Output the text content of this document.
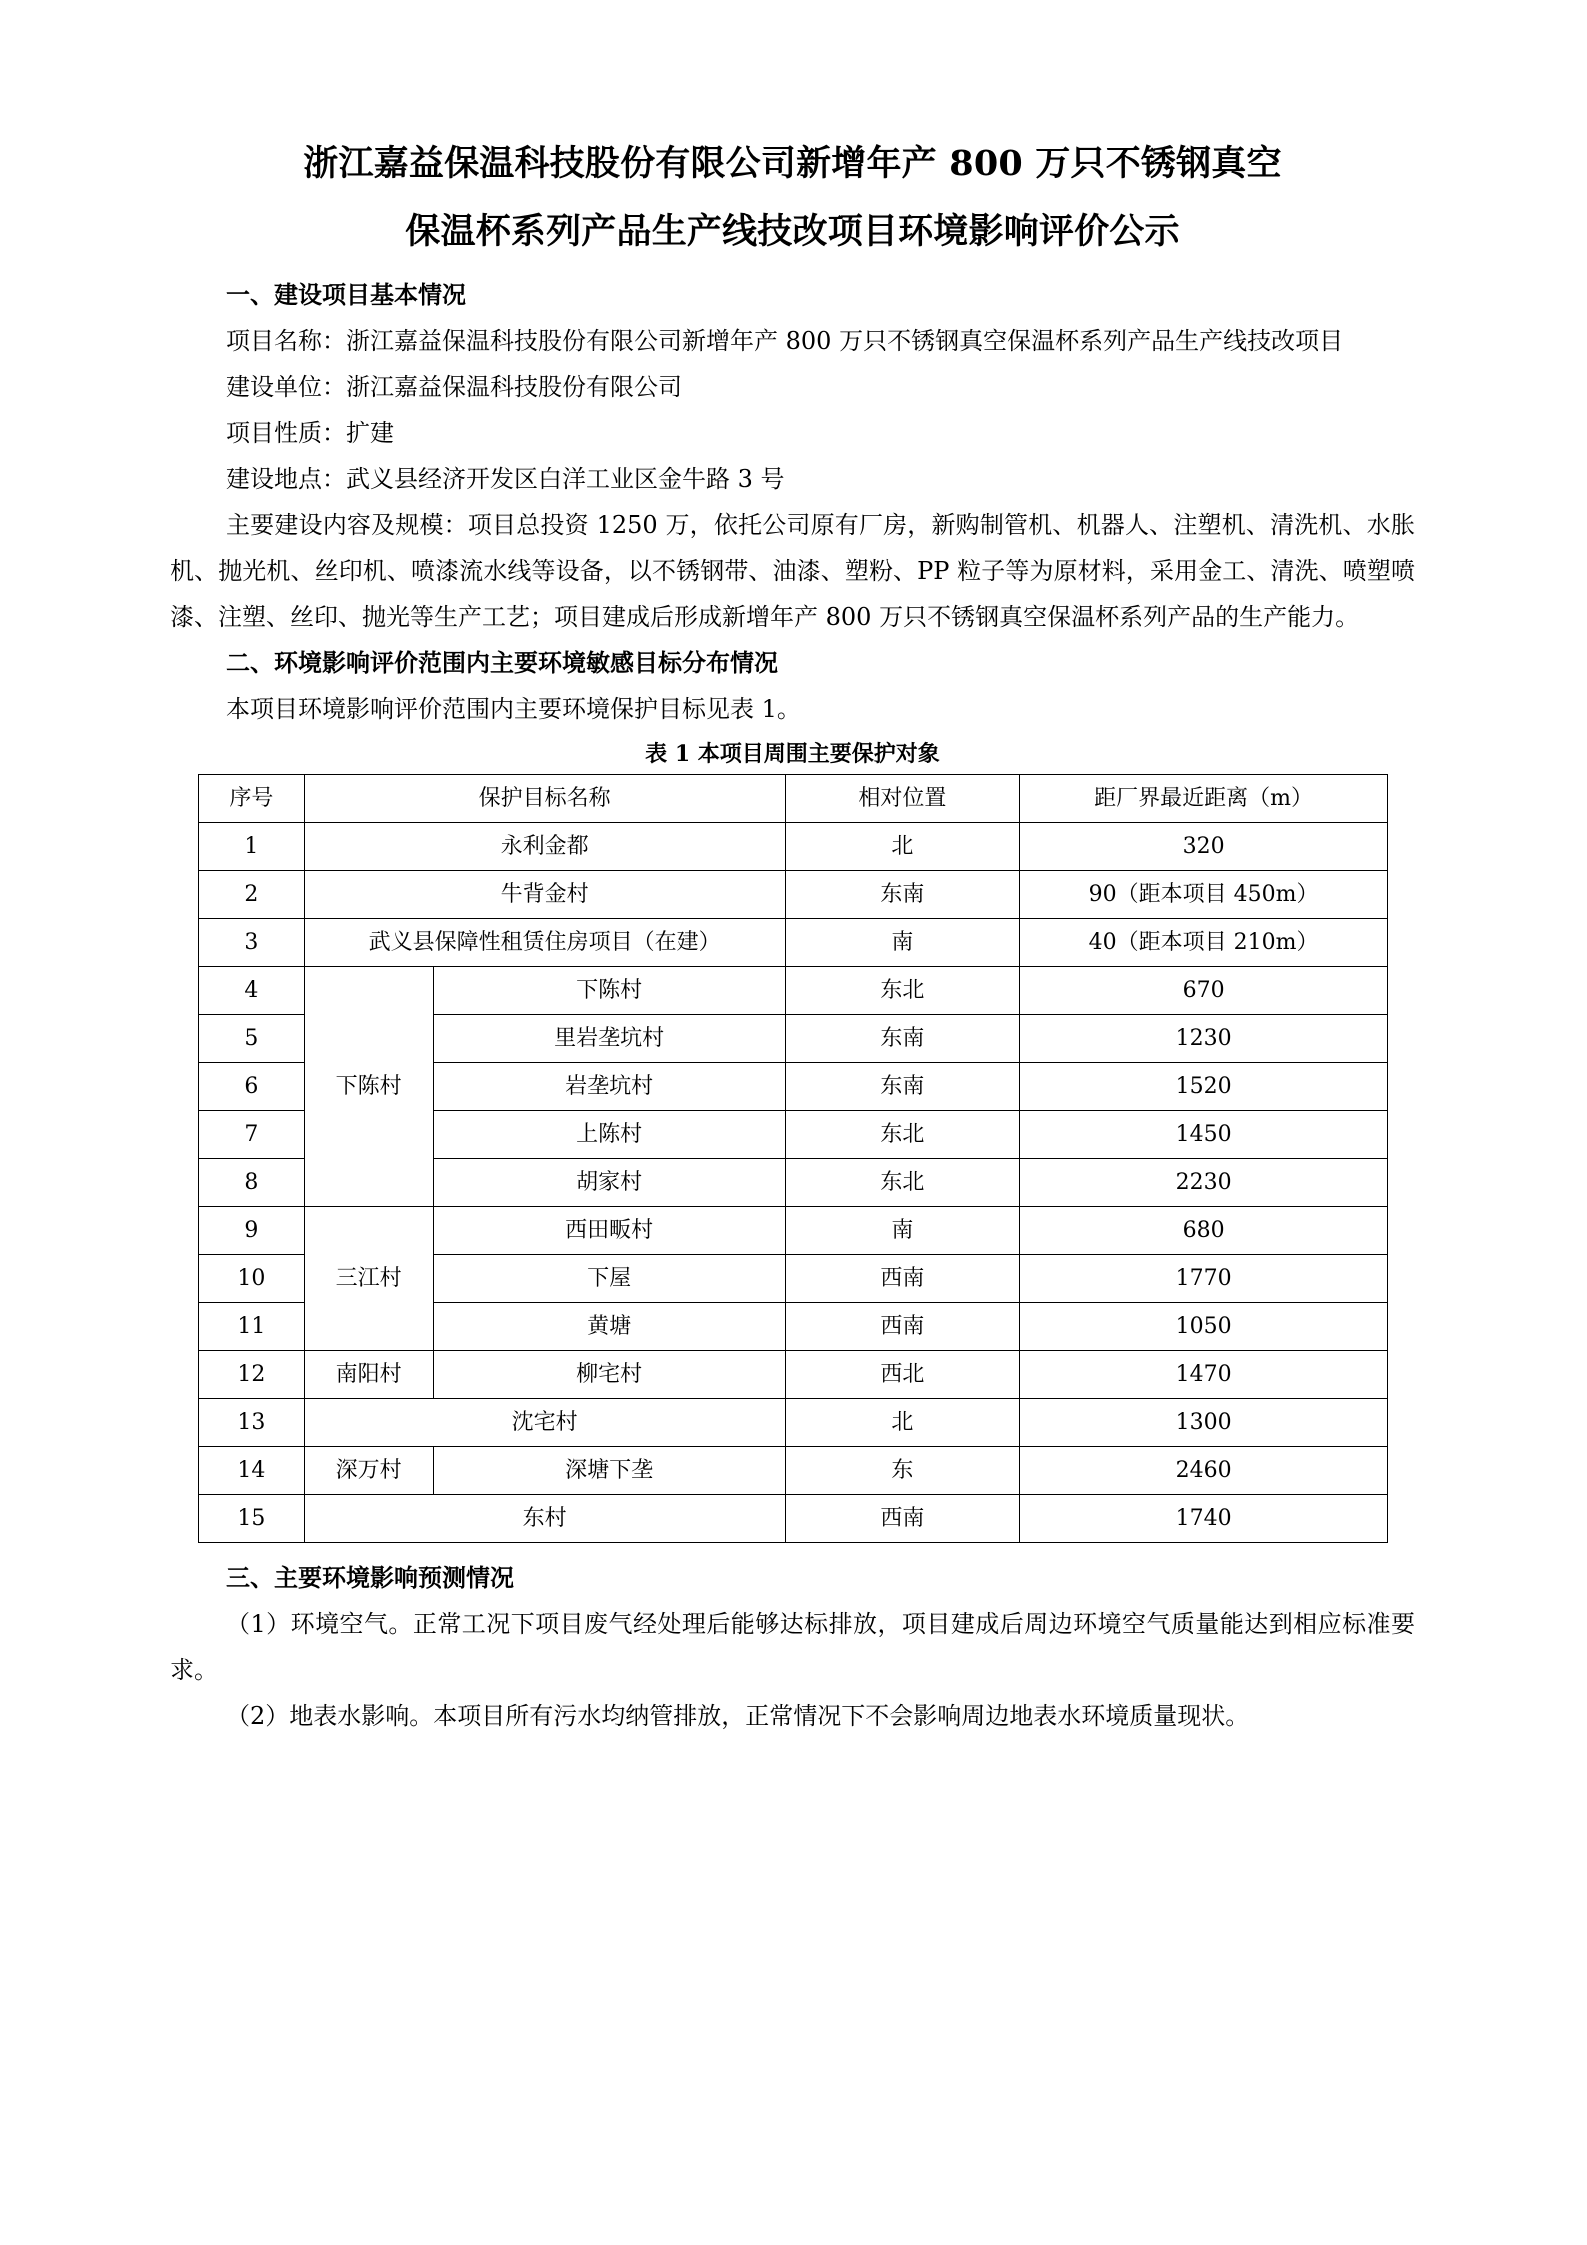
浙江嘉益保温科技股份有限公司新增年产 800 万只不锈钢真空
保温杯系列产品生产线技改项目环境影响评价公示

一、建设项目基本情况

项目名称：浙江嘉益保温科技股份有限公司新增年产 800 万只不锈钢真空保温杯系列产品生产线技改项目

建设单位：浙江嘉益保温科技股份有限公司

项目性质：扩建

建设地点：武义县经济开发区白洋工业区金牛路 3 号

主要建设内容及规模：项目总投资 1250 万，依托公司原有厂房，新购制管机、机器人、注塑机、清洗机、水胀机、抛光机、丝印机、喷漆流水线等设备，以不锈钢带、油漆、塑粉、PP 粒子等为原材料，采用金工、清洗、喷塑喷漆、注塑、丝印、抛光等生产工艺；项目建成后形成新增年产 800 万只不锈钢真空保温杯系列产品的生产能力。

二、环境影响评价范围内主要环境敏感目标分布情况

本项目环境影响评价范围内主要环境保护目标见表 1。

表 1 本项目周围主要保护对象
序号	保护目标名称		相对位置	距厂界最近距离（m）
1	永利金都		北	320
2	牛背金村		东南	90（距本项目 450m）
3	武义县保障性租赁住房项目（在建）		南	40（距本项目 210m）
4	下陈村	下陈村	东北	670
5		里岩垄坑村	东南	1230
6		岩垄坑村	东南	1520
7		上陈村	东北	1450
8		胡家村	东北	2230
9	三江村	西田畈村	南	680
10		下屋	西南	1770
11		黄塘	西南	1050
12	南阳村	柳宅村	西北	1470
13	沈宅村		北	1300
14	深万村	深塘下垄	东	2460
15	东村		西南	1740

三、主要环境影响预测情况

（1）环境空气。正常工况下项目废气经处理后能够达标排放，项目建成后周边环境空气质量能达到相应标准要求。

（2）地表水影响。本项目所有污水均纳管排放，正常情况下不会影响周边地表水环境质量现状。
